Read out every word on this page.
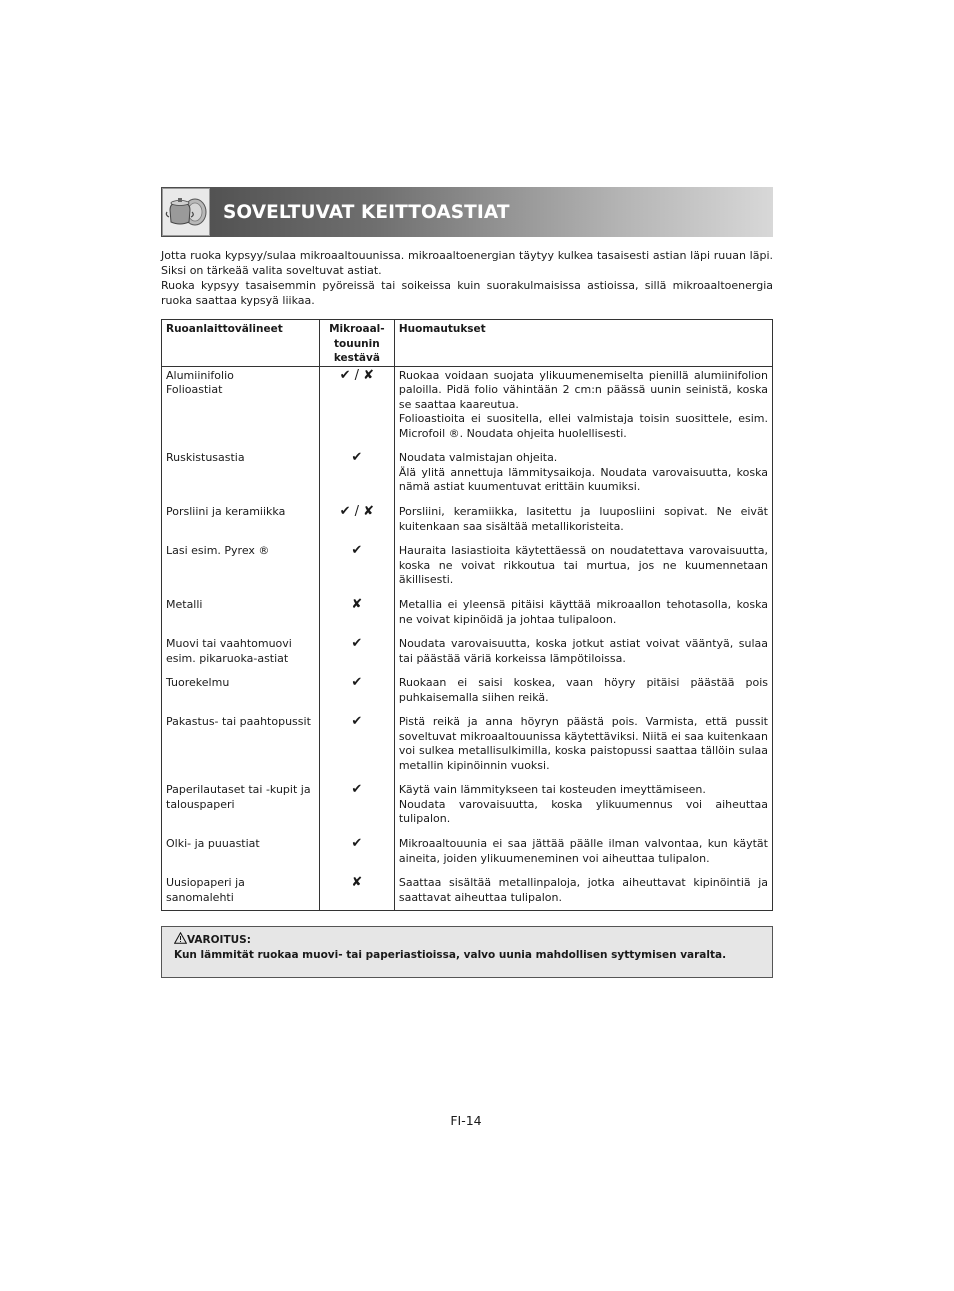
SOVELTUVAT KEITTOASTIAT

Jotta ruoka kypsyy/sulaa mikroaaltouunissa. mikroaaltoenergian täytyy kulkea tasaisesti astian läpi ruuan läpi. Siksi on tärkeää valita soveltuvat astiat.

Ruoka kypsyy tasaisemmin pyöreissä tai soikeissa kuin suorakulmaisissa astioissa, sillä mikroaaltoenergia ruoka saattaa kypsyä liikaa.

Ruoanlaittovälineet	Mikroaal-
touunin
kestävä	Huomautukset
Alumiinifolio
Folioastiat	✔ / ✘	Ruokaa voidaan suojata ylikuumenemiselta pienillä alumiinifolion paloilla. Pidä folio vähintään 2 cm:n päässä uunin seinistä, koska se saattaa kaareutua.
Folioastioita ei suositella, ellei valmistaja toisin suosittele, esim. Microfoil ®. Noudata ohjeita huolellisesti.
Ruskistusastia	✔	Noudata valmistajan ohjeita.
Älä ylitä annettuja lämmitysaikoja. Noudata varovaisuutta, koska nämä astiat kuumentuvat erittäin kuumiksi.
Porsliini ja keramiikka	✔ / ✘	Porsliini, keramiikka, lasitettu ja luuposliini sopivat. Ne eivät kuitenkaan saa sisältää metallikoristeita.
Lasi esim. Pyrex ®	✔	Hauraita lasiastioita käytettäessä on noudatettava varovaisuutta, koska ne voivat rikkoutua tai murtua, jos ne kuumennetaan äkillisesti.
Metalli	✘	Metallia ei yleensä pitäisi käyttää mikroaallon tehotasolla, koska ne voivat kipinöidä ja johtaa tulipaloon.
Muovi tai vaahtomuovi
esim. pikaruoka-astiat	✔	Noudata varovaisuutta, koska jotkut astiat voivat vääntyä, sulaa tai päästää väriä korkeissa lämpötiloissa.
Tuorekelmu	✔	Ruokaan ei saisi koskea, vaan höyry pitäisi päästää pois puhkaisemalla siihen reikä.
Pakastus- tai paahtopussit	✔	Pistä reikä ja anna höyryn päästä pois. Varmista, että pussit soveltuvat mikroaaltouunissa käytettäviksi. Niitä ei saa kuitenkaan voi sulkea metallisulkimilla, koska paistopussi saattaa tällöin sulaa metallin kipinöinnin vuoksi.
Paperilautaset tai -kupit ja talouspaperi	✔	Käytä vain lämmitykseen tai kosteuden imeyttämiseen.
Noudata varovaisuutta, koska ylikuumennus voi aiheuttaa tulipalon.
Olki- ja puuastiat	✔	Mikroaaltouunia ei saa jättää päälle ilman valvontaa, kun käytät aineita, joiden ylikuumeneminen voi aiheuttaa tulipalon.
Uusiopaperi ja sanomalehti	✘	Saattaa sisältää metallinpaloja, jotka aiheuttavat kipinöintiä ja saattavat aiheuttaa tulipalon.
VAROITUS:
Kun lämmität ruokaa muovi- tai paperiastioissa, valvo uunia mahdollisen syttymisen varalta.
FI-14
